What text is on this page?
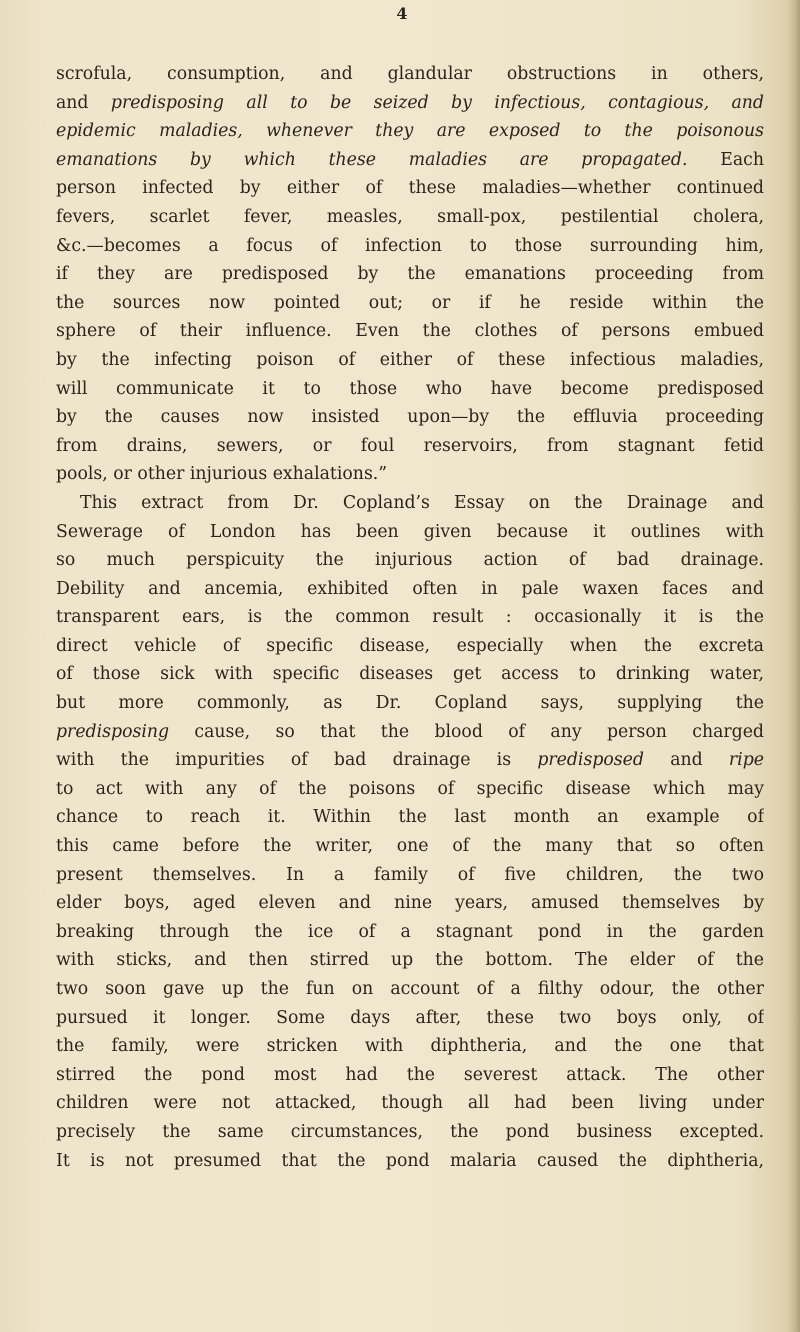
4
scrofula, consumption, and glandular obstructions in others,
and predisposing all to be seized by infectious, contagious, and
epidemic maladies, whenever they are exposed to the poisonous
emanations by which these maladies are propagated. Each
person infected by either of these maladies—whether continued
fevers, scarlet fever, measles, small-pox, pestilential cholera,
&c.—becomes a focus of infection to those surrounding him,
if they are predisposed by the emanations proceeding from
the sources now pointed out; or if he reside within the
sphere of their influence. Even the clothes of persons embued
by the infecting poison of either of these infectious maladies,
will communicate it to those who have become predisposed
by the causes now insisted upon—by the effluvia proceeding
from drains, sewers, or foul reservoirs, from stagnant fetid
pools, or other injurious exhalations.”
This extract from Dr. Copland’s Essay on the Drainage and
Sewerage of London has been given because it outlines with
so much perspicuity the injurious action of bad drainage.
Debility and ancemia, exhibited often in pale waxen faces and
transparent ears, is the common result : occasionally it is the
direct vehicle of specific disease, especially when the excreta
of those sick with specific diseases get access to drinking water,
but more commonly, as Dr. Copland says, supplying the
predisposing cause, so that the blood of any person charged
with the impurities of bad drainage is predisposed and ripe
to act with any of the poisons of specific disease which may
chance to reach it. Within the last month an example of
this came before the writer, one of the many that so often
present themselves. In a family of five children, the two
elder boys, aged eleven and nine years, amused themselves by
breaking through the ice of a stagnant pond in the garden
with sticks, and then stirred up the bottom. The elder of the
two soon gave up the fun on account of a filthy odour, the other
pursued it longer. Some days after, these two boys only, of
the family, were stricken with diphtheria, and the one that
stirred the pond most had the severest attack. The other
children were not attacked, though all had been living under
precisely the same circumstances, the pond business excepted.
It is not presumed that the pond malaria caused the diphtheria,
